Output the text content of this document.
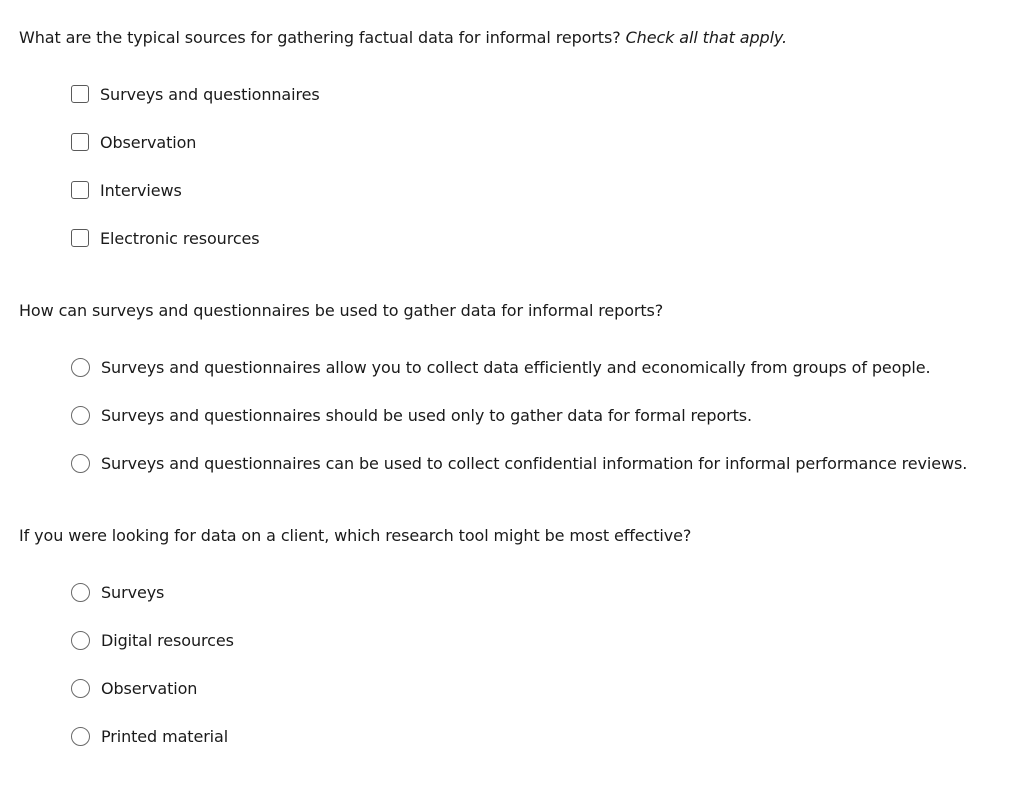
What are the typical sources for gathering factual data for informal reports? Check all that apply.
Surveys and questionnaires
Observation
Interviews
Electronic resources
How can surveys and questionnaires be used to gather data for informal reports?
Surveys and questionnaires allow you to collect data efficiently and economically from groups of people.
Surveys and questionnaires should be used only to gather data for formal reports.
Surveys and questionnaires can be used to collect confidential information for informal performance reviews.
If you were looking for data on a client, which research tool might be most effective?
Surveys
Digital resources
Observation
Printed material
